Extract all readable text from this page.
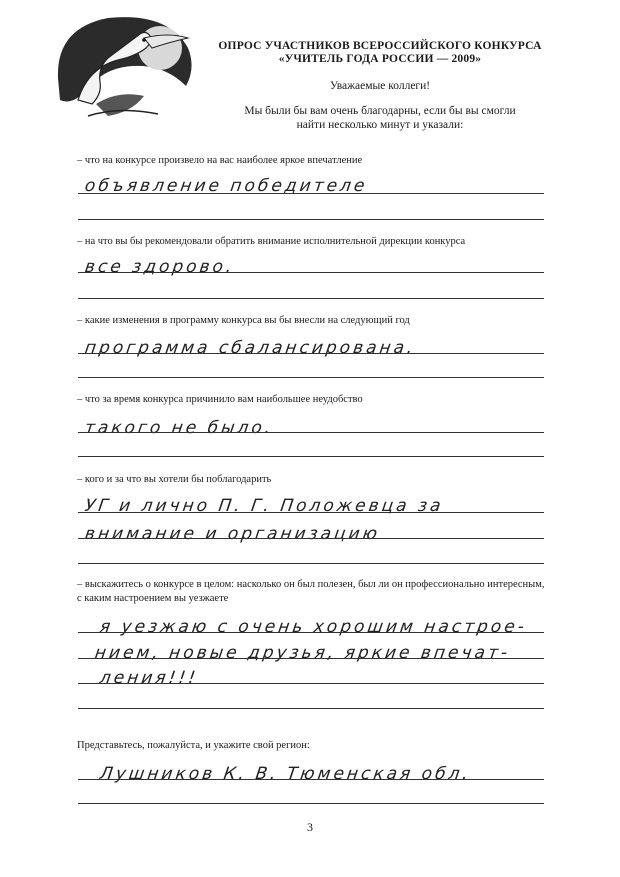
ОПРОС УЧАСТНИКОВ ВСЕРОССИЙСКОГО КОНКУРСА
«УЧИТЕЛЬ ГОДА РОССИИ — 2009»
Уважаемые коллеги!
Мы были бы вам очень благодарны, если бы вы смогли
найти несколько минут и указали:
– что на конкурсе произвело на вас наиболее яркое впечатление
объявление победителе
– на что вы бы рекомендовали обратить внимание исполнительной дирекции конкурса
все здорово.
– какие изменения в программу конкурса вы бы внесли на следующий год
программа сбалансирована.
– что за время конкурса причинило вам наибольшее неудобство
такого не было.
– кого и за что вы хотели бы поблагодарить
УГ и лично П. Г. Положевца за
внимание и организацию
– выскажитесь о конкурсе в целом: насколько он был полезен, был ли он профессионально интересным, с каким настроением вы уезжаете
я уезжаю с очень хорошим настрое-
нием, новые друзья, яркие впечат-
ления!!!
Представьтесь, пожалуйста, и укажите свой регион:
Лушников К. В. Тюменская обл.
3
